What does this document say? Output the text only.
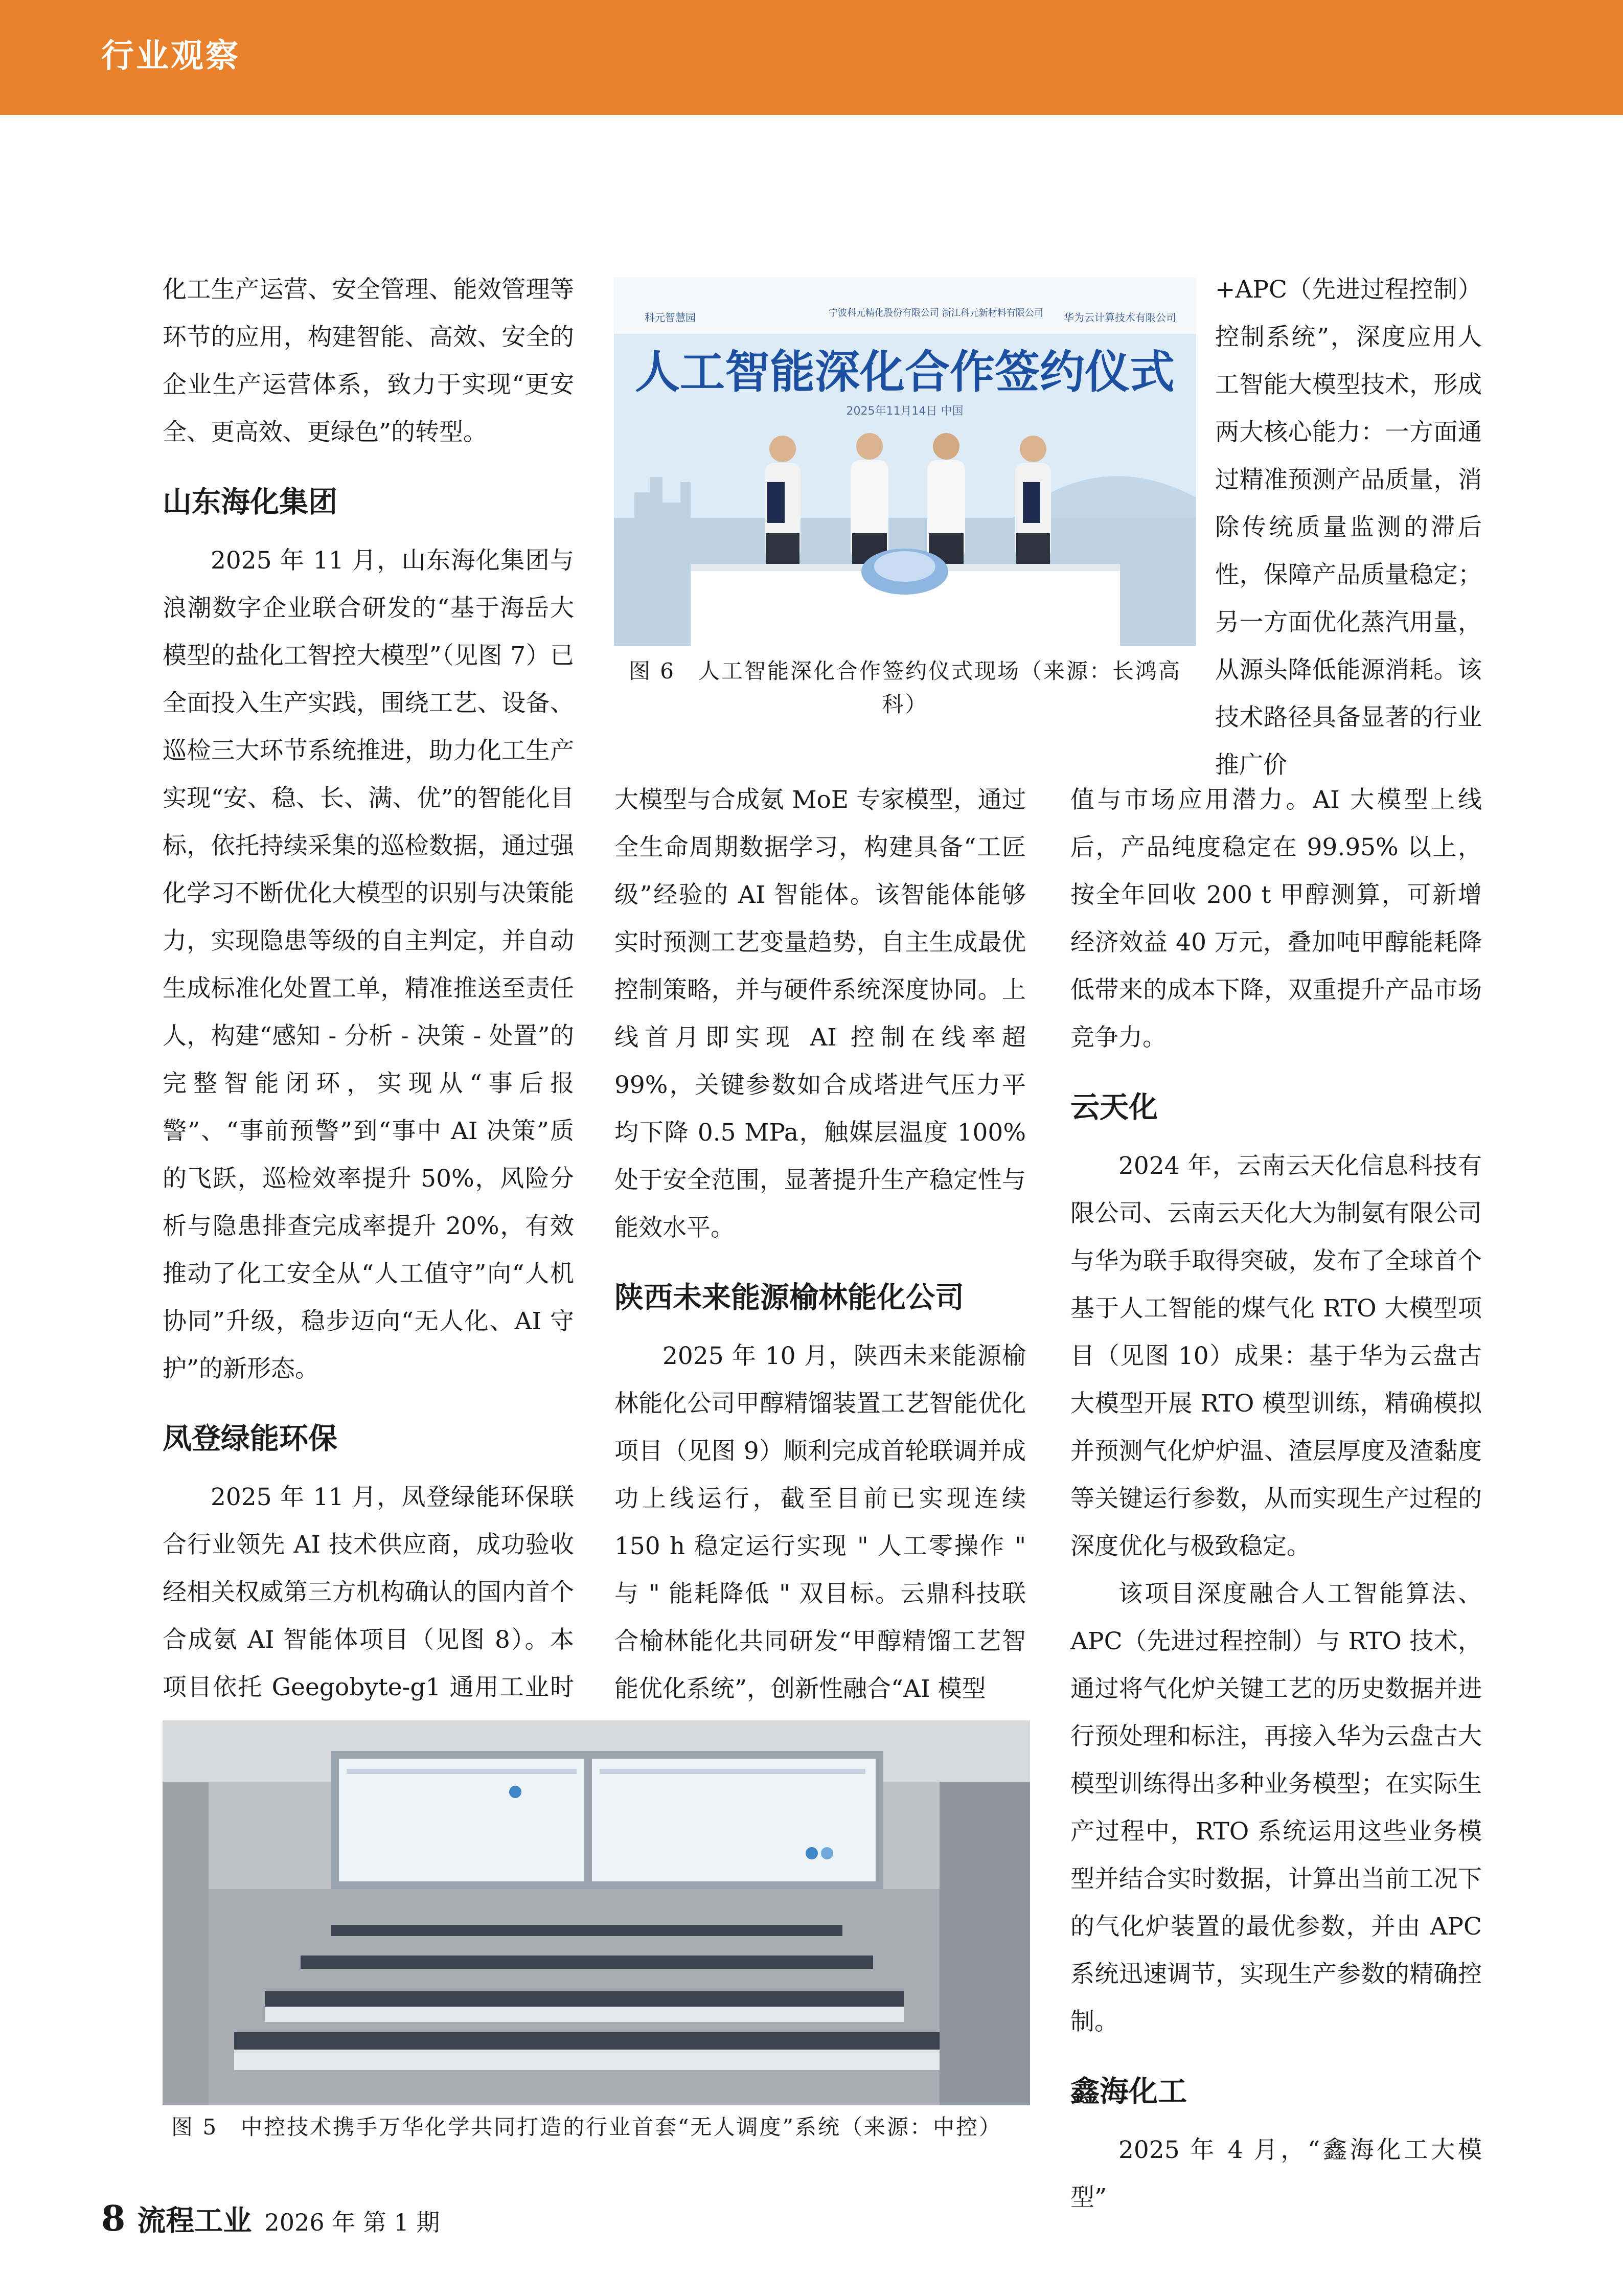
行业观察

化工生产运营、安全管理、能效管理等环节的应用，构建智能、高效、安全的企业生产运营体系，致力于实现“更安全、更高效、更绿色”的转型。

山东海化集团

2025 年 11 月，山东海化集团与浪潮数字企业联合研发的“基于海岳大模型的盐化工智控大模型”（见图 7）已全面投入生产实践，围绕工艺、设备、巡检三大环节系统推进，助力化工生产实现“安、稳、长、满、优”的智能化目标，依托持续采集的巡检数据，通过强化学习不断优化大模型的识别与决策能力，实现隐患等级的自主判定，并自动生成标准化处置工单，精准推送至责任人，构建“感知 - 分析 - 决策 - 处置”的完整智能闭环，实现从“事后报警”、“事前预警”到“事中 AI 决策”质的飞跃，巡检效率提升 50%，风险分析与隐患排查完成率提升 20%，有效推动了化工安全从“人工值守”向“人机协同”升级，稳步迈向“无人化、AI 守护”的新形态。

凤登绿能环保

2025 年 11 月，凤登绿能环保联合行业领先 AI 技术供应商，成功验收经相关权威第三方机构确认的国内首个合成氨 AI 智能体项目（见图 8）。本项目依托 Geegobyte-g1 通用工业时

科元智慧园	宁波科元精化股份有限公司 浙江科元新材料有限公司 华为云计算技术有限公司
人工智能深化合作签约仪式
2025年11月14日 中国
图 6　人工智能深化合作签约仪式现场（来源：长鸿高科）

+APC（先进过程控制）控制系统”，深度应用人工智能大模型技术，形成两大核心能力：一方面通过精准预测产品质量，消除传统质量监测的滞后性，保障产品质量稳定；另一方面优化蒸汽用量，从源头降低能源消耗。该技术路径具备显著的行业推广价

大模型与合成氨 MoE 专家模型，通过全生命周期数据学习，构建具备“工匠级”经验的 AI 智能体。该智能体能够实时预测工艺变量趋势，自主生成最优控制策略，并与硬件系统深度协同。上线首月即实现 AI 控制在线率超 99%，关键参数如合成塔进气压力平均下降 0.5 MPa，触媒层温度 100% 处于安全范围，显著提升生产稳定性与能效水平。

陕西未来能源榆林能化公司

2025 年 10 月，陕西未来能源榆林能化公司甲醇精馏装置工艺智能优化项目（见图 9）顺利完成首轮联调并成功上线运行，截至目前已实现连续 150 h 稳定运行实现 " 人工零操作 " 与 " 能耗降低 " 双目标。云鼎科技联合榆林能化共同研发“甲醇精馏工艺智能优化系统”，创新性融合“AI 模型

值与市场应用潜力。AI 大模型上线后，产品纯度稳定在 99.95% 以上，按全年回收 200 t 甲醇测算，可新增经济效益 40 万元，叠加吨甲醇能耗降低带来的成本下降，双重提升产品市场竞争力。

云天化

2024 年，云南云天化信息科技有限公司、云南云天化大为制氨有限公司与华为联手取得突破，发布了全球首个基于人工智能的煤气化 RTO 大模型项目（见图 10）成果：基于华为云盘古大模型开展 RTO 模型训练，精确模拟并预测气化炉炉温、渣层厚度及渣黏度等关键运行参数，从而实现生产过程的深度优化与极致稳定。

该项目深度融合人工智能算法、APC（先进过程控制）与 RTO 技术，通过将气化炉关键工艺的历史数据并进行预处理和标注，再接入华为云盘古大模型训练得出多种业务模型；在实际生产过程中，RTO 系统运用这些业务模型并结合实时数据，计算出当前工况下的气化炉装置的最优参数，并由 APC 系统迅速调节，实现生产参数的精确控制。

鑫海化工

2025 年 4 月，“鑫海化工大模型”

图 5　中控技术携手万华化学共同打造的行业首套“无人调度”系统（来源：中控）
8 流程工业 2026 年 第 1 期
